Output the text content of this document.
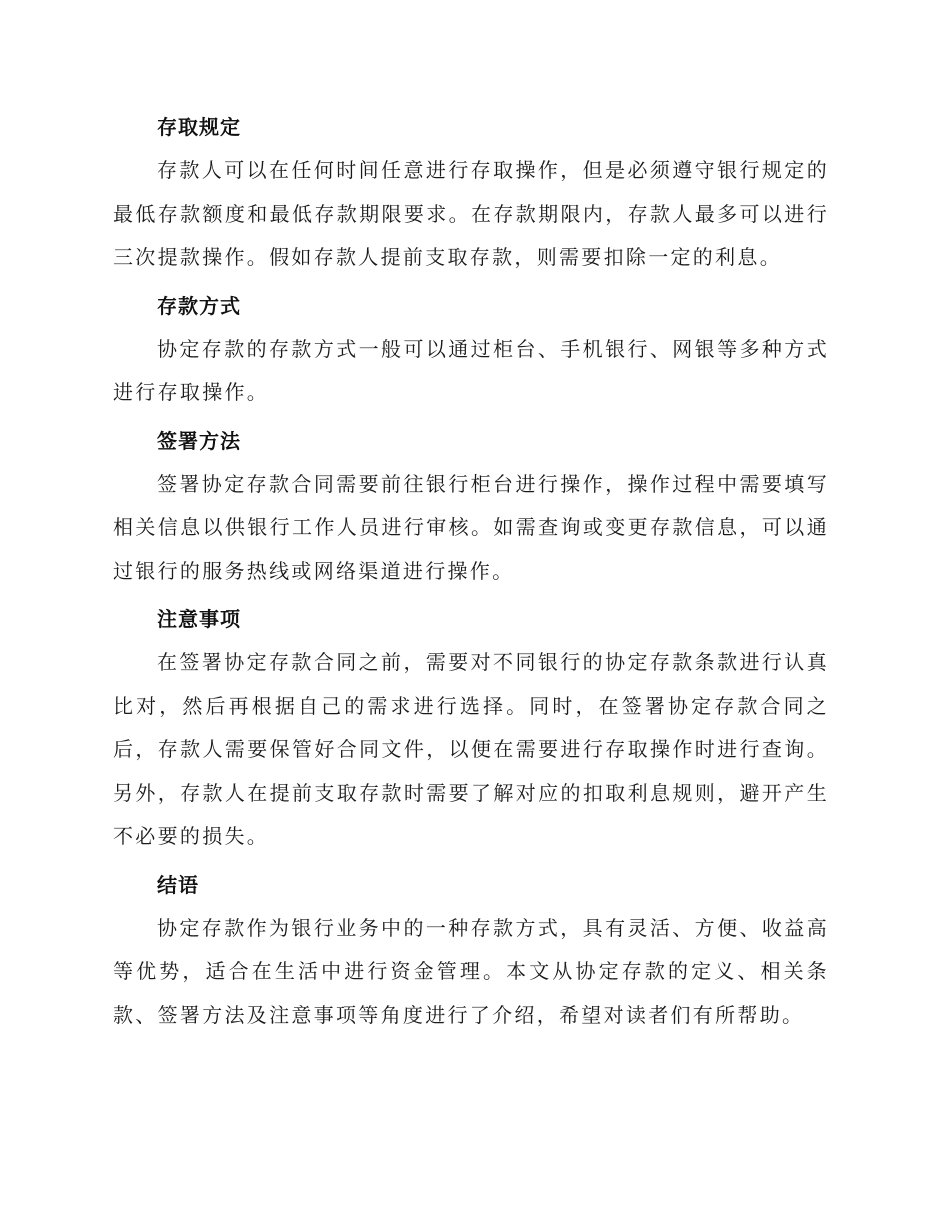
存取规定

存款人可以在任何时间任意进行存取操作，但是必须遵守银行规定的最低存款额度和最低存款期限要求。在存款期限内，存款人最多可以进行三次提款操作。假如存款人提前支取存款，则需要扣除一定的利息。

存款方式

协定存款的存款方式一般可以通过柜台、手机银行、网银等多种方式进行存取操作。

签署方法

签署协定存款合同需要前往银行柜台进行操作，操作过程中需要填写相关信息以供银行工作人员进行审核。如需查询或变更存款信息，可以通过银行的服务热线或网络渠道进行操作。

注意事项

在签署协定存款合同之前，需要对不同银行的协定存款条款进行认真比对，然后再根据自己的需求进行选择。同时，在签署协定存款合同之后，存款人需要保管好合同文件，以便在需要进行存取操作时进行查询。另外，存款人在提前支取存款时需要了解对应的扣取利息规则，避开产生不必要的损失。

结语

协定存款作为银行业务中的一种存款方式，具有灵活、方便、收益高等优势，适合在生活中进行资金管理。本文从协定存款的定义、相关条款、签署方法及注意事项等角度进行了介绍，希望对读者们有所帮助。
